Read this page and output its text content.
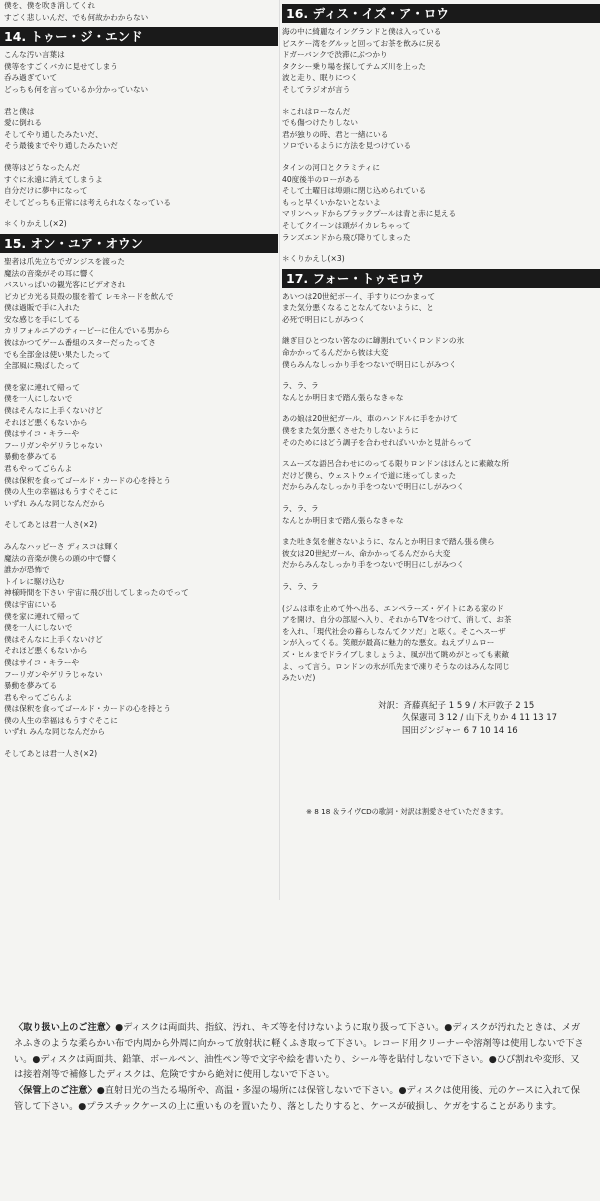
僕を、僕を吹き消してくれ
すごく悲しいんだ、でも何故かわからない
14. トゥー・ジ・エンド
こんな汚い言葉は
僕等をすごくバカに見せてしまう
呑み過ぎていて
どっちも何を言っているか分かっていない
君と僕は
愛に倒れる
そしてやり通したみたいだ、
そう最後までやり通したみたいだ
僕等はどうなったんだ
すぐに永遠に消えてしまうよ
自分だけに夢中になって
そしてどっちも正常には考えられなくなっている
＊くりかえし(×2)
15. オン・ユア・オウン
聖者は爪先立ちでガンジスを渡った
魔法の音楽がその耳に響く
バスいっぱいの観光客にビデオされ
ピカピカ光る貝殻の服を着て レモネードを飲んで
僕は過販で手に入れた
安な感じを手にしてる
カリフォルニアのティーピーに住んでいる男から
彼はかつてゲーム番組のスターだったってさ
でも全部金は使い果たしたって
全部風に飛ばしたって
僕を家に連れて帰って
僕を一人にしないで
僕はそんなに上手くないけど
それほど悪くもないから
僕はサイコ・キラーや
フーリガンやゲリラじゃない
暴動を夢みてる
君もやってごらんよ
僕は保釈を食ってゴールド・カードの心を持とう
僕の人生の幸福はもうすぐそこに
いずれ みんな同じなんだから
そしてあとは君一人さ(×2)
みんなハッピーさ ディスコは輝く
魔法の音楽が僕らの頭の中で響く
誰かが恐怖で
トイレに駆け込む
神様時間を下さい 宇宙に飛び出してしまったのでって
僕は宇宙にいる
僕を家に連れて帰って
僕を一人にしないで
僕はそんなに上手くないけど
それほど悪くもないから
僕はサイコ・キラーや
フーリガンやゲリラじゃない
暴動を夢みてる
君もやってごらんよ
僕は保釈を食ってゴールド・カードの心を持とう
僕の人生の幸福はもうすぐそこに
いずれ みんな同じなんだから
そしてあとは君一人さ(×2)
16. ディス・イズ・ア・ロウ
海の中に綺麗なイングランドと僕は入っている
ビスケー湾をグルッと回ってお茶を飲みに戻る
ドガーバンクで渋滞にぶつかり
タクシー乗り場を探してテムズ川を上った
波と走り、眠りにつく
そしてラジオが言う
＊これはローなんだ
でも傷つけたりしない
君が独りの時、君と一緒にいる
ソロでいるように方法を見つけている
タインの河口とクラミティに
40度後半のローがある
そして土曜日は埠頭に閉じ込められている
もっと早くいかないとないよ
マリンヘッドからブラックプールは青と赤に見える
そしてクイーンは頭がイカレちゃって
ランズエンドから飛び降りてしまった
＊くりかえし(×3)
17. フォー・トゥモロウ
あいつは20世紀ボーイ、手すりにつかまって
また気分悪くなることなんてないように、と
必死で明日にしがみつく
継ぎ目ひとつない筈なのに罅割れていくロンドンの氷
命かかってるんだから彼は大変
僕らみんなしっかり手をつないで明日にしがみつく
ラ、ラ、ラ
なんとか明日まで踏ん張らなきゃな
あの娘は20世紀ガール、車のハンドルに手をかけて
僕をまた気分悪くさせたりしないように
そのためにはどう調子を合わせればいいかと見計らって
スムーズな語呂合わせにのってる限りロンドンはほんとに素敵な所
だけど僕ら、ウェストウェイで道に迷ってしまった
だからみんなしっかり手をつないで明日にしがみつく
ラ、ラ、ラ
なんとか明日まで踏ん張らなきゃな
また吐き気を催さないように、なんとか明日まで踏ん張る僕ら
彼女は20世紀ガール、命かかってるんだから大変
だからみんなしっかり手をつないで明日にしがみつく
ラ、ラ、ラ
(ジムは車を止めて外へ出る、エンペラーズ・ゲイトにある家のド
アを開け、自分の部屋へ入り、それからTVをつけて、消して、お茶
を入れ、「現代社会の暮らしなんてクソだ」と呟く。そこへスーザ
ンが入ってくる。笑顔が最高に魅力的な悪女。ねえプリムロー
ズ・ヒルまでドライブしましょうよ、風が出て眺めがとっても素敵
よ、って言う。ロンドンの氷が爪先まで凍りそうなのはみんな同じ
みたいだ)
対訳：斉藤真紀子 1 5 9 / 木戸敦子 2 15
久保憲司 3 12 / 山下えりか 4 11 13 17
国田ジンジャー 6 7 10 14 16
※ 8 18 ＆ライヴCDの歌詞・対訳は割愛させていただきます。
〈取り扱い上のご注意〉●ディスクは両面共、指紋、汚れ、キズ等を付けないように取り扱って下さい。●ディスクが汚れたときは、メガネふきのような柔らかい布で内周から外周に向かって放射状に軽くふき取って下さい。レコード用クリーナーや溶剤等は使用しないで下さい。●ディスクは両面共、鉛筆、ボールペン、油性ペン等で文字や絵を書いたり、シール等を貼付しないで下さい。●ひび割れや変形、又は接着剤等で補修したディスクは、危険ですから絶対に使用しないで下さい。
〈保管上のご注意〉●直射日光の当たる場所や、高温・多湿の場所には保管しないで下さい。●ディスクは使用後、元のケースに入れて保管して下さい。●プラスチックケースの上に重いものを置いたり、落としたりすると、ケースが破損し、ケガをすることがあります。
